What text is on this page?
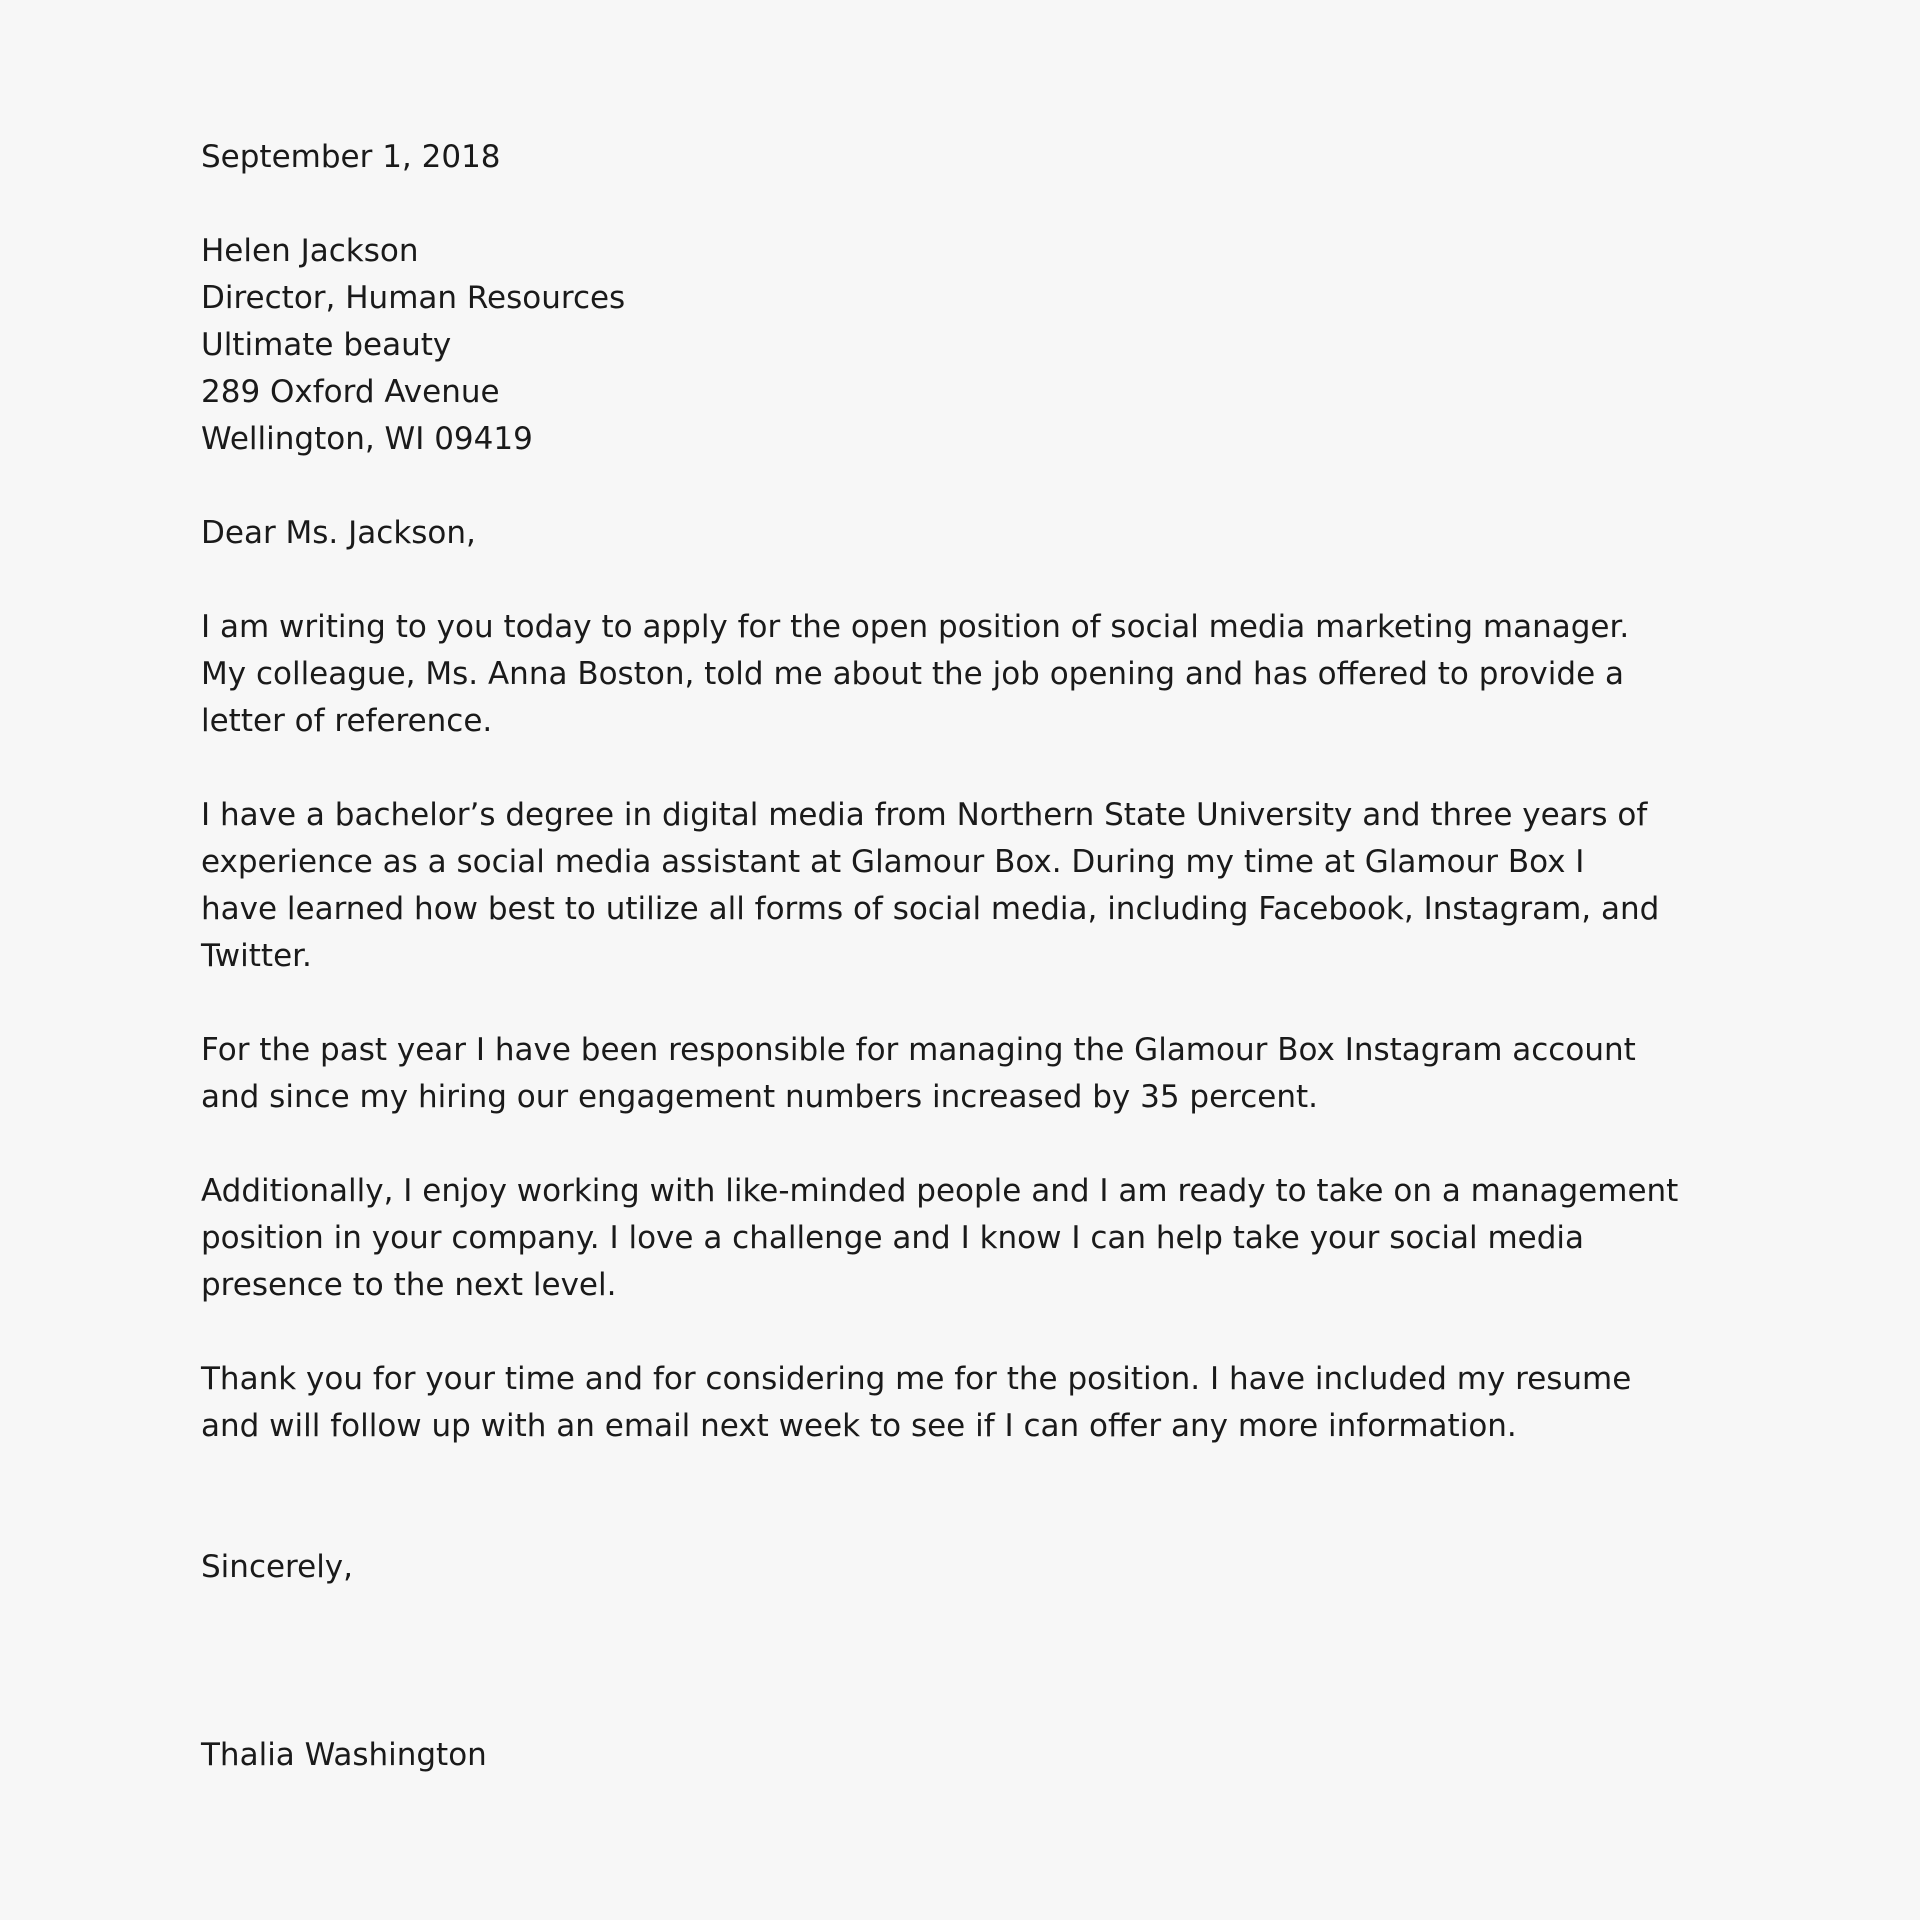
September 1, 2018
Helen Jackson
Director, Human Resources
Ultimate beauty
289 Oxford Avenue
Wellington, WI 09419
Dear Ms. Jackson,
I am writing to you today to apply for the open position of social media marketing manager.
My colleague, Ms. Anna Boston, told me about the job opening and has offered to provide a
letter of reference.
I have a bachelor’s degree in digital media from Northern State University and three years of
experience as a social media assistant at Glamour Box. During my time at Glamour Box I
have learned how best to utilize all forms of social media, including Facebook, Instagram, and
Twitter.
For the past year I have been responsible for managing the Glamour Box Instagram account
and since my hiring our engagement numbers increased by 35 percent.
Additionally, I enjoy working with like-minded people and I am ready to take on a management
position in your company. I love a challenge and I know I can help take your social media
presence to the next level.
Thank you for your time and for considering me for the position. I have included my resume
and will follow up with an email next week to see if I can offer any more information.
Sincerely,
Thalia Washington
